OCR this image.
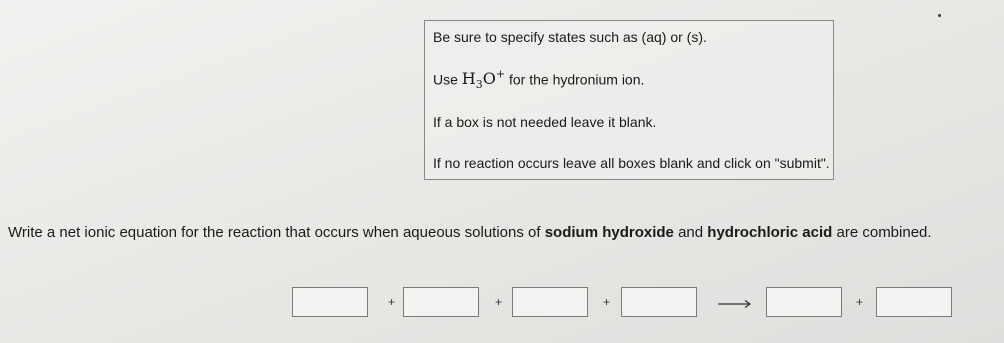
Be sure to specify states such as (aq) or (s).
Use $H_3O^+$ for the hydronium ion.
If a box is not needed leave it blank.
If no reaction occurs leave all boxes blank and click on "submit".
Write a net ionic equation for the reaction that occurs when aqueous solutions of sodium hydroxide and hydrochloric acid are combined.
+	+	+	+
